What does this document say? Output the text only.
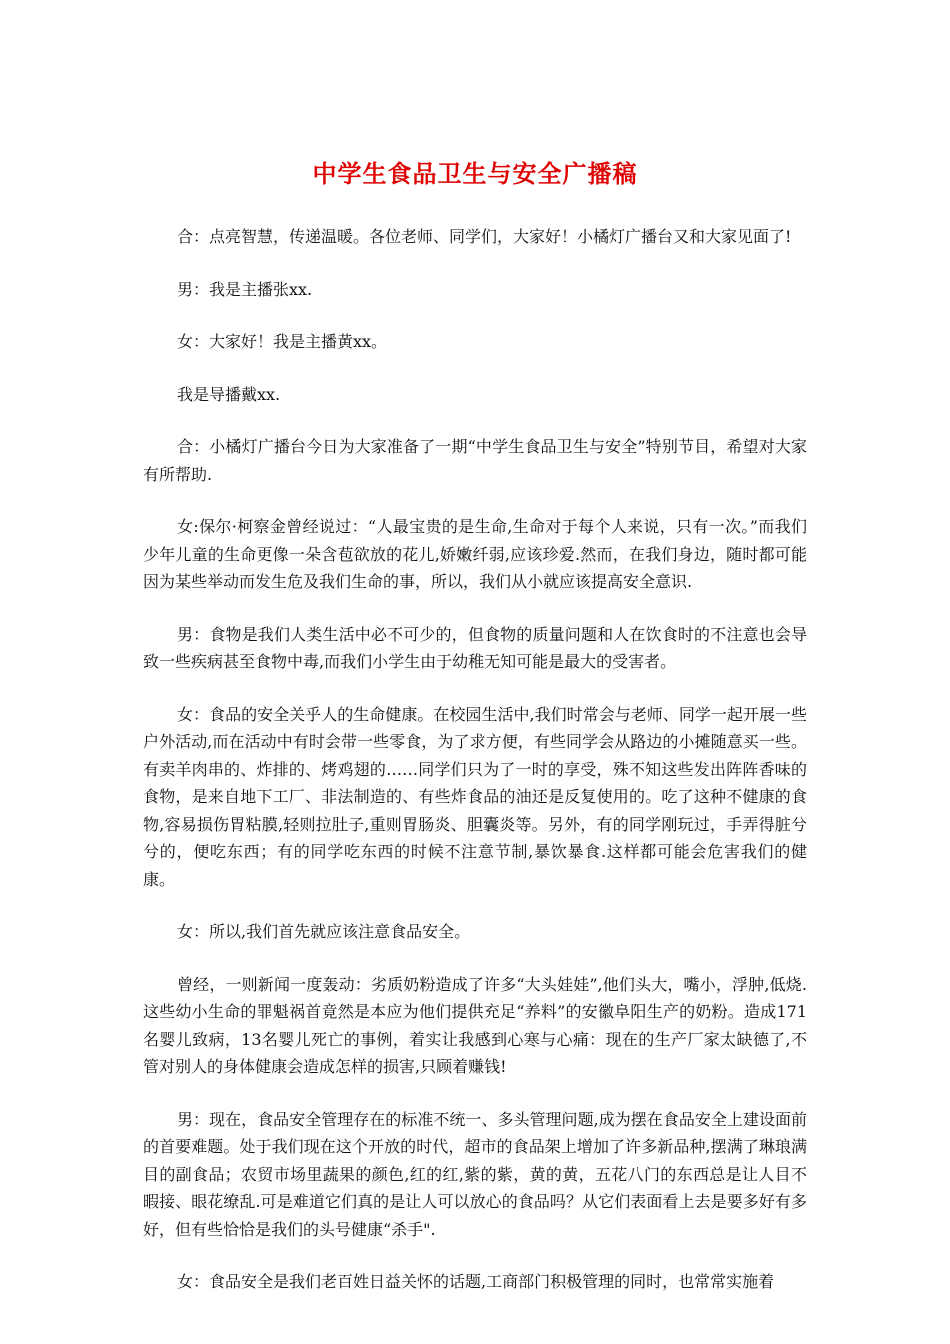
中学生食品卫生与安全广播稿

合：点亮智慧，传递温暖。各位老师、同学们，大家好！小橘灯广播台又和大家见面了!

男：我是主播张xx.

女：大家好！我是主播黄xx。

我是导播戴xx.

合：小橘灯广播台今日为大家准备了一期“中学生食品卫生与安全”特别节目，希望对大家有所帮助.

女:保尔·柯察金曾经说过：“人最宝贵的是生命,生命对于每个人来说，只有一次。”而我们少年儿童的生命更像一朵含苞欲放的花儿,娇嫩纤弱,应该珍爱.然而，在我们身边，随时都可能因为某些举动而发生危及我们生命的事，所以，我们从小就应该提高安全意识.

男：食物是我们人类生活中必不可少的，但食物的质量问题和人在饮食时的不注意也会导致一些疾病甚至食物中毒,而我们小学生由于幼稚无知可能是最大的受害者。

女：食品的安全关乎人的生命健康。在校园生活中,我们时常会与老师、同学一起开展一些户外活动,而在活动中有时会带一些零食，为了求方便，有些同学会从路边的小摊随意买一些。有卖羊肉串的、炸排的、烤鸡翅的……同学们只为了一时的享受，殊不知这些发出阵阵香味的食物，是来自地下工厂、非法制造的、有些炸食品的油还是反复使用的。吃了这种不健康的食物,容易损伤胃粘膜,轻则拉肚子,重则胃肠炎、胆囊炎等。另外，有的同学刚玩过，手弄得脏兮兮的，便吃东西；有的同学吃东西的时候不注意节制,暴饮暴食.这样都可能会危害我们的健康。

女：所以,我们首先就应该注意食品安全。

曾经，一则新闻一度轰动：劣质奶粉造成了许多“大头娃娃”,他们头大，嘴小，浮肿,低烧.这些幼小生命的罪魁祸首竟然是本应为他们提供充足“养料”的安徽阜阳生产的奶粉。造成171名婴儿致病，13名婴儿死亡的事例，着实让我感到心寒与心痛：现在的生产厂家太缺德了,不管对别人的身体健康会造成怎样的损害,只顾着赚钱!

男：现在，食品安全管理存在的标准不统一、多头管理问题,成为摆在食品安全上建设面前的首要难题。处于我们现在这个开放的时代，超市的食品架上增加了许多新品种,摆满了琳琅满目的副食品；农贸市场里蔬果的颜色,红的红,紫的紫，黄的黄，五花八门的东西总是让人目不暇接、眼花缭乱.可是难道它们真的是让人可以放心的食品吗？从它们表面看上去是要多好有多好，但有些恰恰是我们的头号健康“杀手".

女：食品安全是我们老百姓日益关怀的话题,工商部门积极管理的同时，也常常实施着
